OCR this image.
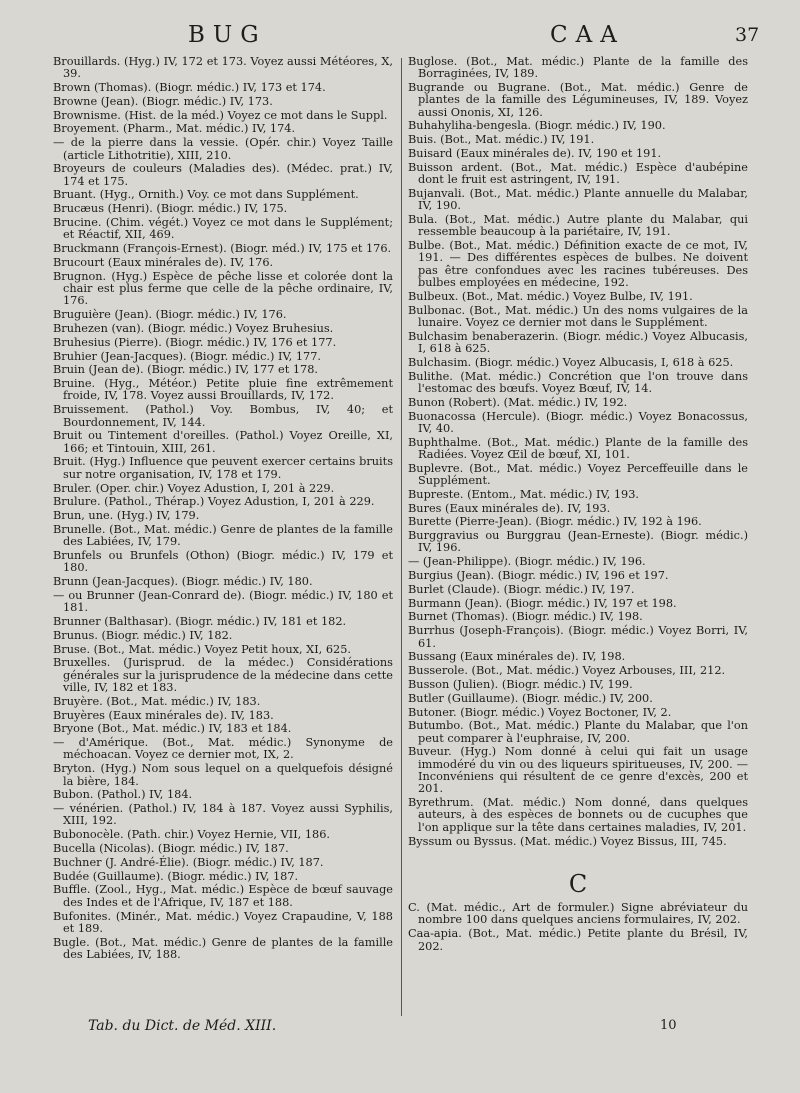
BUG	CAA	37
Brouillards. (Hyg.) IV, 172 et 173. Voyez aussi Météores, X, 39.
Brown (Thomas). (Biogr. médic.) IV, 173 et 174.
Browne (Jean). (Biogr. médic.) IV, 173.
Brownisme. (Hist. de la méd.) Voyez ce mot dans le Suppl.
Broyement. (Pharm., Mat. médic.) IV, 174.
— de la pierre dans la vessie. (Opér. chir.) Voyez Taille (article Lithotritie), XIII, 210.
Broyeurs de couleurs (Maladies des). (Médec. prat.) IV, 174 et 175.
Bruant. (Hyg., Ornith.) Voy. ce mot dans Supplément.
Brucæus (Henri). (Biogr. médic.) IV, 175.
Brucine. (Chim. végét.) Voyez ce mot dans le Supplément; et Réactif, XII, 469.
Bruckmann (François-Ernest). (Biogr. méd.) IV, 175 et 176.
Brucourt (Eaux minérales de). IV, 176.
Brugnon. (Hyg.) Espèce de pêche lisse et colorée dont la chair est plus ferme que celle de la pêche ordinaire, IV, 176.
Bruguière (Jean). (Biogr. médic.) IV, 176.
Bruhezen (van). (Biogr. médic.) Voyez Bruhesius.
Bruhesius (Pierre). (Biogr. médic.) IV, 176 et 177.
Bruhier (Jean-Jacques). (Biogr. médic.) IV, 177.
Bruin (Jean de). (Biogr. médic.) IV, 177 et 178.
Bruine. (Hyg., Météor.) Petite pluie fine extrêmement froide, IV, 178. Voyez aussi Brouillards, IV, 172.
Bruissement. (Pathol.) Voy. Bombus, IV, 40; et Bourdonnement, IV, 144.
Bruit ou Tintement d'oreilles. (Pathol.) Voyez Oreille, XI, 166; et Tintouin, XIII, 261.
Bruit. (Hyg.) Influence que peuvent exercer certains bruits sur notre organisation, IV, 178 et 179.
Bruler. (Oper. chir.) Voyez Adustion, I, 201 à 229.
Brulure. (Pathol., Thérap.) Voyez Adustion, I, 201 à 229.
Brun, une. (Hyg.) IV, 179.
Brunelle. (Bot., Mat. médic.) Genre de plantes de la famille des Labiées, IV, 179.
Brunfels ou Brunfels (Othon) (Biogr. médic.) IV, 179 et 180.
Brunn (Jean-Jacques). (Biogr. médic.) IV, 180.
— ou Brunner (Jean-Conrard de). (Biogr. médic.) IV, 180 et 181.
Brunner (Balthasar). (Biogr. médic.) IV, 181 et 182.
Brunus. (Biogr. médic.) IV, 182.
Bruse. (Bot., Mat. médic.) Voyez Petit houx, XI, 625.
Bruxelles. (Jurisprud. de la médec.) Considérations générales sur la jurisprudence de la médecine dans cette ville, IV, 182 et 183.
Bruyère. (Bot., Mat. médic.) IV, 183.
Bruyères (Eaux minérales de). IV, 183.
Bryone (Bot., Mat. médic.) IV, 183 et 184.
— d'Amérique. (Bot., Mat. médic.) Synonyme de méchoacan. Voyez ce dernier mot, IX, 2.
Bryton. (Hyg.) Nom sous lequel on a quelquefois désigné la bière, 184.
Bubon. (Pathol.) IV, 184.
— vénérien. (Pathol.) IV, 184 à 187. Voyez aussi Syphilis, XIII, 192.
Bubonocèle. (Path. chir.) Voyez Hernie, VII, 186.
Bucella (Nicolas). (Biogr. médic.) IV, 187.
Buchner (J. André-Élie). (Biogr. médic.) IV, 187.
Budée (Guillaume). (Biogr. médic.) IV, 187.
Buffle. (Zool., Hyg., Mat. médic.) Espèce de bœuf sauvage des Indes et de l'Afrique, IV, 187 et 188.
Bufonites. (Minér., Mat. médic.) Voyez Crapaudine, V, 188 et 189.
Bugle. (Bot., Mat. médic.) Genre de plantes de la famille des Labiées, IV, 188.
Buglose. (Bot., Mat. médic.) Plante de la famille des Borraginées, IV, 189.
Bugrande ou Bugrane. (Bot., Mat. médic.) Genre de plantes de la famille des Légumineuses, IV, 189. Voyez aussi Ononis, XI, 126.
Buhahyliha-bengesla. (Biogr. médic.) IV, 190.
Buis. (Bot., Mat. médic.) IV, 191.
Buisard (Eaux minérales de). IV, 190 et 191.
Buisson ardent. (Bot., Mat. médic.) Espèce d'aubépine dont le fruit est astringent, IV, 191.
Bujanvali. (Bot., Mat. médic.) Plante annuelle du Malabar, IV, 190.
Bula. (Bot., Mat. médic.) Autre plante du Malabar, qui ressemble beaucoup à la pariétaire, IV, 191.
Bulbe. (Bot., Mat. médic.) Définition exacte de ce mot, IV, 191. — Des différentes espèces de bulbes. Ne doivent pas être confondues avec les racines tubéreuses. Des bulbes employées en médecine, 192.
Bulbeux. (Bot., Mat. médic.) Voyez Bulbe, IV, 191.
Bulbonac. (Bot., Mat. médic.) Un des noms vulgaires de la lunaire. Voyez ce dernier mot dans le Supplément.
Bulchasim benaberazerin. (Biogr. médic.) Voyez Albucasis, I, 618 à 625.
Bulchasim. (Biogr. médic.) Voyez Albucasis, I, 618 à 625.
Bulithe. (Mat. médic.) Concrétion que l'on trouve dans l'estomac des bœufs. Voyez Bœuf, IV, 14.
Bunon (Robert). (Mat. médic.) IV, 192.
Buonacossa (Hercule). (Biogr. médic.) Voyez Bonacossus, IV, 40.
Buphthalme. (Bot., Mat. médic.) Plante de la famille des Radiées. Voyez Œil de bœuf, XI, 101.
Buplevre. (Bot., Mat. médic.) Voyez Perceffeuille dans le Supplément.
Bupreste. (Entom., Mat. médic.) IV, 193.
Bures (Eaux minérales de). IV, 193.
Burette (Pierre-Jean). (Biogr. médic.) IV, 192 à 196.
Burggravius ou Burggrau (Jean-Erneste). (Biogr. médic.) IV, 196.
— (Jean-Philippe). (Biogr. médic.) IV, 196.
Burgius (Jean). (Biogr. médic.) IV, 196 et 197.
Burlet (Claude). (Biogr. médic.) IV, 197.
Burmann (Jean). (Biogr. médic.) IV, 197 et 198.
Burnet (Thomas). (Biogr. médic.) IV, 198.
Burrhus (Joseph-François). (Biogr. médic.) Voyez Borri, IV, 61.
Bussang (Eaux minérales de). IV, 198.
Busserole. (Bot., Mat. médic.) Voyez Arbouses, III, 212.
Busson (Julien). (Biogr. médic.) IV, 199.
Butler (Guillaume). (Biogr. médic.) IV, 200.
Butoner. (Biogr. médic.) Voyez Boctoner, IV, 2.
Butumbo. (Bot., Mat. médic.) Plante du Malabar, que l'on peut comparer à l'euphraise, IV, 200.
Buveur. (Hyg.) Nom donné à celui qui fait un usage immodéré du vin ou des liqueurs spiritueuses, IV, 200. — Inconvéniens qui résultent de ce genre d'excès, 200 et 201.
Byrethrum. (Mat. médic.) Nom donné, dans quelques auteurs, à des espèces de bonnets ou de cucuphes que l'on applique sur la tête dans certaines maladies, IV, 201.
Byssum ou Byssus. (Mat. médic.) Voyez Bissus, III, 745.
C
C. (Mat. médic., Art de formuler.) Signe abréviateur du nombre 100 dans quelques anciens formulaires, IV, 202.
Caa-apia. (Bot., Mat. médic.) Petite plante du Brésil, IV, 202.
Tab. du Dict. de Méd. XIII.	10
